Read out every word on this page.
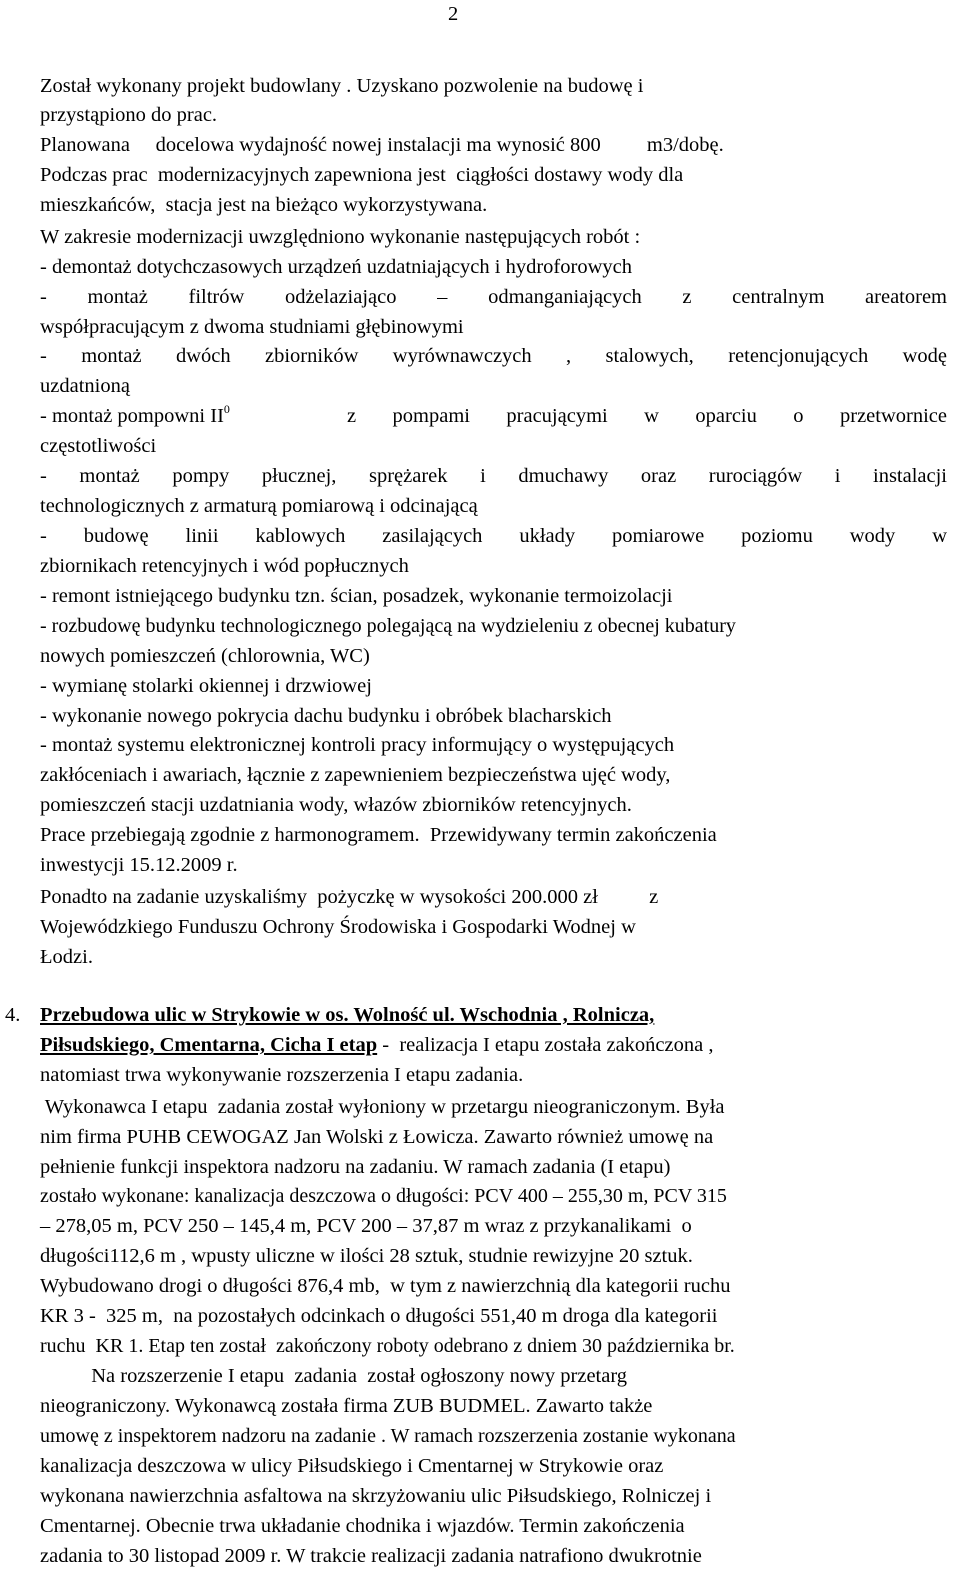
2
Został wykonany projekt budowlany . Uzyskano pozwolenie na budowę i
przystąpiono do prac.
Planowana     docelowa wydajność nowej instalacji ma wynosić 800         m3/dobę.
Podczas prac  modernizacyjnych zapewniona jest  ciągłości dostawy wody dla
mieszkańców,  stacja jest na bieżąco wykorzystywana.
W zakresie modernizacji uwzględniono wykonanie następujących robót :
- demontaż dotychczasowych urządzeń uzdatniających i hydroforowych
- montaż filtrów odżelaziająco – odmanganiających z centralnym areatorem
współpracującym z dwoma studniami głębinowymi
- montaż dwóch zbiorników wyrównawczych , stalowych, retencjonujących wodę
uzdatnioną
- montaż pompowni $II^0$	z pompami pracującymi w oparciu o przetwornice
częstotliwości
- montaż pompy płucznej, sprężarek i dmuchawy oraz rurociągów i instalacji
technologicznych z armaturą pomiarową i odcinającą
- budowę linii kablowych zasilających układy pomiarowe poziomu wody w
zbiornikach retencyjnych i wód popłucznych
- remont istniejącego budynku tzn. ścian, posadzek, wykonanie termoizolacji
- rozbudowę budynku technologicznego polegającą na wydzieleniu z obecnej kubatury
nowych pomieszczeń (chlorownia, WC)
- wymianę stolarki okiennej i drzwiowej
- wykonanie nowego pokrycia dachu budynku i obróbek blacharskich
- montaż systemu elektronicznej kontroli pracy informujący o występujących
zakłóceniach i awariach, łącznie z zapewnieniem bezpieczeństwa ujęć wody,
pomieszczeń stacji uzdatniania wody, włazów zbiorników retencyjnych.
Prace przebiegają zgodnie z harmonogramem.  Przewidywany termin zakończenia
inwestycji 15.12.2009 r.
Ponadto na zadanie uzyskaliśmy  pożyczkę w wysokości 200.000 zł          z
Wojewódzkiego Funduszu Ochrony Środowiska i Gospodarki Wodnej w
Łodzi.
4. Przebudowa ulic w Strykowie w os. Wolność ul. Wschodnia , Rolnicza,
Piłsudskiego, Cmentarna, Cicha I etap -  realizacja I etapu została zakończona ,
natomiast trwa wykonywanie rozszerzenia I etapu zadania.
Wykonawca I etapu  zadania został wyłoniony w przetargu nieograniczonym. Była
nim firma PUHB CEWOGAZ Jan Wolski z Łowicza. Zawarto również umowę na
pełnienie funkcji inspektora nadzoru na zadaniu. W ramach zadania (I etapu)
zostało wykonane: kanalizacja deszczowa o długości: PCV 400 – 255,30 m, PCV 315
– 278,05 m, PCV 250 – 145,4 m, PCV 200 – 37,87 m wraz z przykanalikami  o
długości112,6 m , wpusty uliczne w ilości 28 sztuk, studnie rewizyjne 20 sztuk.
Wybudowano drogi o długości 876,4 mb,  w tym z nawierzchnią dla kategorii ruchu
KR 3 -  325 m,  na pozostałych odcinkach o długości 551,40 m droga dla kategorii
ruchu  KR 1. Etap ten został  zakończony roboty odebrano z dniem 30 października br.
Na rozszerzenie I etapu  zadania  został ogłoszony nowy przetarg
nieograniczony. Wykonawcą została firma ZUB BUDMEL. Zawarto także
umowę z inspektorem nadzoru na zadanie . W ramach rozszerzenia zostanie wykonana
kanalizacja deszczowa w ulicy Piłsudskiego i Cmentarnej w Strykowie oraz
wykonana nawierzchnia asfaltowa na skrzyżowaniu ulic Piłsudskiego, Rolniczej i
Cmentarnej. Obecnie trwa układanie chodnika i wjazdów. Termin zakończenia
zadania to 30 listopad 2009 r. W trakcie realizacji zadania natrafiono dwukrotnie
